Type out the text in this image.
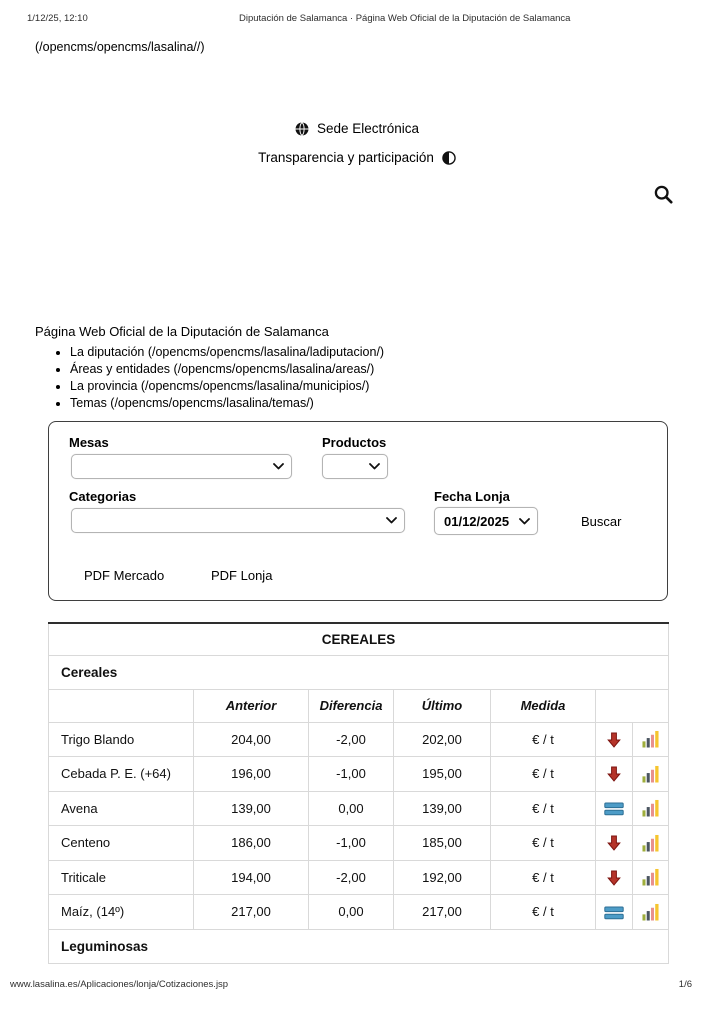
1/12/25, 12:10	Diputación de Salamanca · Página Web Oficial de la Diputación de Salamanca
(/opencms/opencms/lasalina//)
Sede Electrónica
Transparencia y participación
Página Web Oficial de la Diputación de Salamanca
• La diputación (/opencms/opencms/lasalina/ladiputacion/)
• Áreas y entidades (/opencms/opencms/lasalina/areas/)
• La provincia (/opencms/opencms/lasalina/municipios/)
• Temas (/opencms/opencms/lasalina/temas/)
Mesas	Productos
Categorias	Fecha Lonja
01/12/2025	Buscar
PDF Mercado	PDF Lonja
CEREALES						
Cereales						
	Anterior	Diferencia	Último	Medida		
Trigo Blando	204,00	-2,00	202,00	€ / t		
Cebada P. E. (+64)	196,00	-1,00	195,00	€ / t		
Avena	139,00	0,00	139,00	€ / t		
Centeno	186,00	-1,00	185,00	€ / t		
Triticale	194,00	-2,00	192,00	€ / t		
Maíz, (14º)	217,00	0,00	217,00	€ / t		
Leguminosas						
www.lasalina.es/Aplicaciones/lonja/Cotizaciones.jsp	1/6
